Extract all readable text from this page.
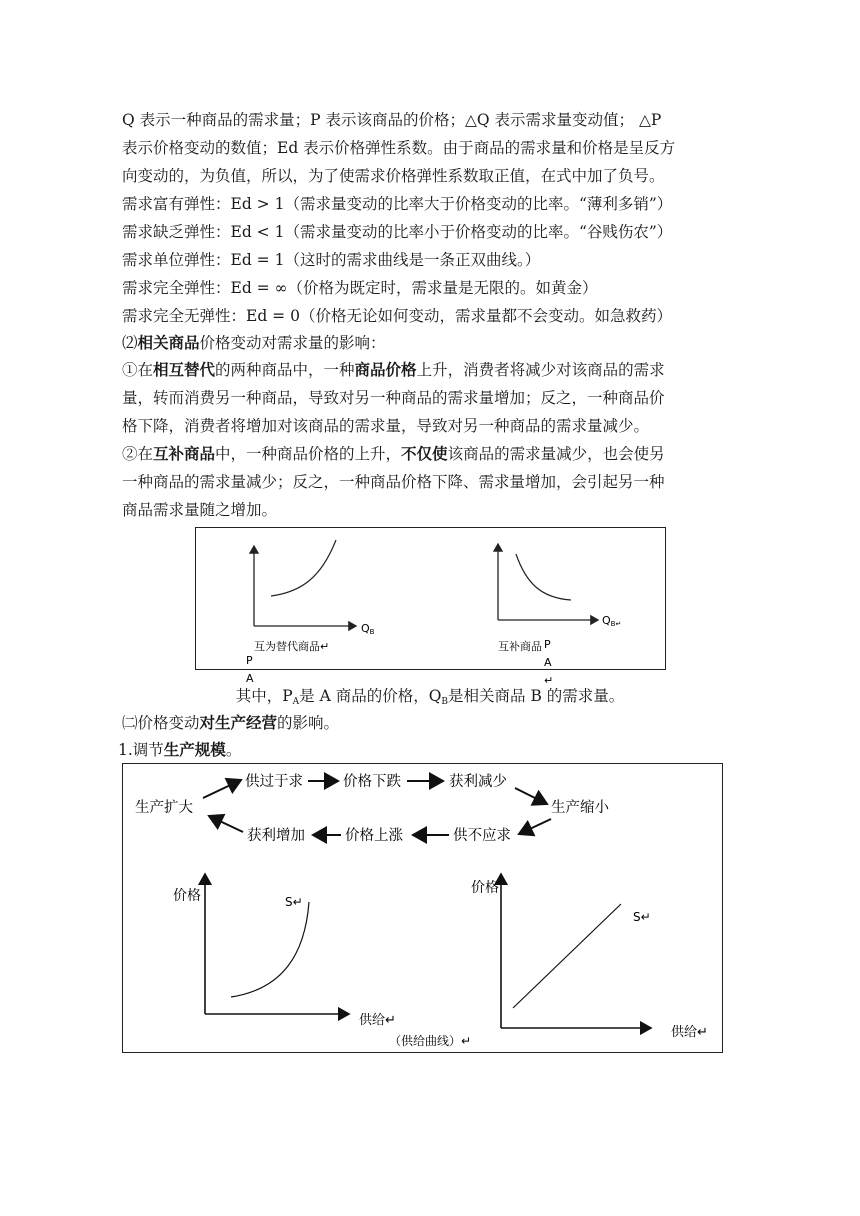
Q 表示一种商品的需求量；P 表示该商品的价格；△Q 表示需求量变动值； △P
表示价格变动的数值；Ed 表示价格弹性系数。由于商品的需求量和价格是呈反方
向变动的，为负值，所以，为了使需求价格弹性系数取正值，在式中加了负号。
需求富有弹性：Ed > 1（需求量变动的比率大于价格变动的比率。“薄利多销”）
需求缺乏弹性：Ed < 1（需求量变动的比率小于价格变动的比率。“谷贱伤农”）
需求单位弹性：Ed = 1（这时的需求曲线是一条正双曲线。）
需求完全弹性：Ed = ∞（价格为既定时，需求量是无限的。如黄金）
需求完全无弹性：Ed = 0（价格无论如何变动，需求量都不会变动。如急救药）
⑵相关商品价格变动对需求量的影响：
①在相互替代的两种商品中，一种商品价格上升，消费者将减少对该商品的需求
量，转而消费另一种商品，导致对另一种商品的需求量增加；反之，一种商品价
格下降，消费者将增加对该商品的需求量，导致对另一种商品的需求量减少。
②在互补商品中，一种商品价格的上升，不仅使该商品的需求量减少，也会使另
一种商品的需求量减少；反之，一种商品价格下降、需求量增加，会引起另一种
商品需求量随之增加。
P A
QB
互为替代商品↵	P A ↵
QB↵
互补商品
其中，$P_A$是 A 商品的价格，$Q_B$是相关商品 B 的需求量。
㈡价格变动对生产经营的影响。
1.调节生产规模。
生产扩大
供过于求	价格下跌	获利减少
生产缩小
供不应求
价格上涨
获利增加
价格	S↵
供给↵
（供给曲线）↵
价格
S↵
供给↵
